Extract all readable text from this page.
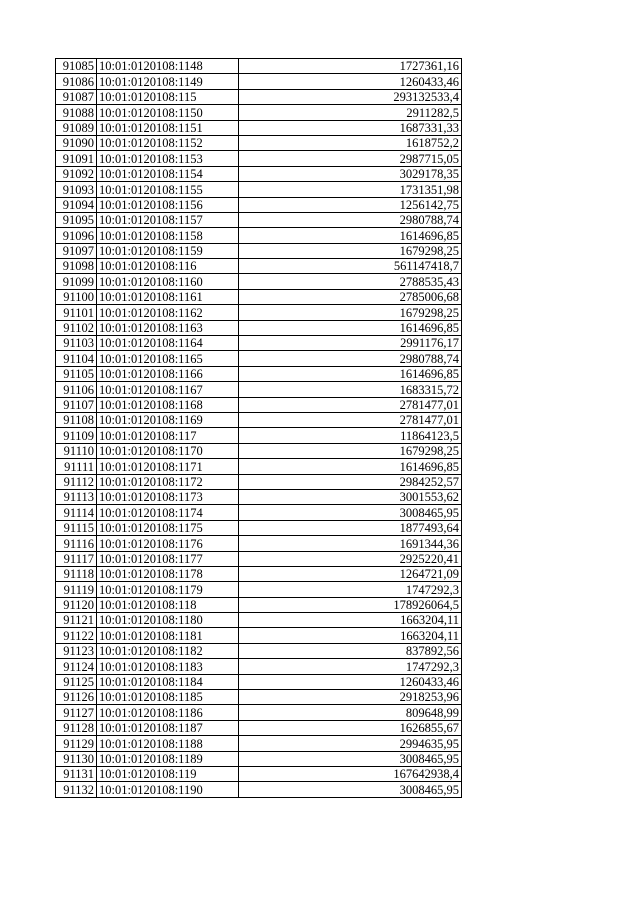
91085	10:01:0120108:1148	1727361,16
91086	10:01:0120108:1149	1260433,46
91087	10:01:0120108:115	293132533,4
91088	10:01:0120108:1150	2911282,5
91089	10:01:0120108:1151	1687331,33
91090	10:01:0120108:1152	1618752,2
91091	10:01:0120108:1153	2987715,05
91092	10:01:0120108:1154	3029178,35
91093	10:01:0120108:1155	1731351,98
91094	10:01:0120108:1156	1256142,75
91095	10:01:0120108:1157	2980788,74
91096	10:01:0120108:1158	1614696,85
91097	10:01:0120108:1159	1679298,25
91098	10:01:0120108:116	561147418,7
91099	10:01:0120108:1160	2788535,43
91100	10:01:0120108:1161	2785006,68
91101	10:01:0120108:1162	1679298,25
91102	10:01:0120108:1163	1614696,85
91103	10:01:0120108:1164	2991176,17
91104	10:01:0120108:1165	2980788,74
91105	10:01:0120108:1166	1614696,85
91106	10:01:0120108:1167	1683315,72
91107	10:01:0120108:1168	2781477,01
91108	10:01:0120108:1169	2781477,01
91109	10:01:0120108:117	11864123,5
91110	10:01:0120108:1170	1679298,25
91111	10:01:0120108:1171	1614696,85
91112	10:01:0120108:1172	2984252,57
91113	10:01:0120108:1173	3001553,62
91114	10:01:0120108:1174	3008465,95
91115	10:01:0120108:1175	1877493,64
91116	10:01:0120108:1176	1691344,36
91117	10:01:0120108:1177	2925220,41
91118	10:01:0120108:1178	1264721,09
91119	10:01:0120108:1179	1747292,3
91120	10:01:0120108:118	178926064,5
91121	10:01:0120108:1180	1663204,11
91122	10:01:0120108:1181	1663204,11
91123	10:01:0120108:1182	837892,56
91124	10:01:0120108:1183	1747292,3
91125	10:01:0120108:1184	1260433,46
91126	10:01:0120108:1185	2918253,96
91127	10:01:0120108:1186	809648,99
91128	10:01:0120108:1187	1626855,67
91129	10:01:0120108:1188	2994635,95
91130	10:01:0120108:1189	3008465,95
91131	10:01:0120108:119	167642938,4
91132	10:01:0120108:1190	3008465,95
